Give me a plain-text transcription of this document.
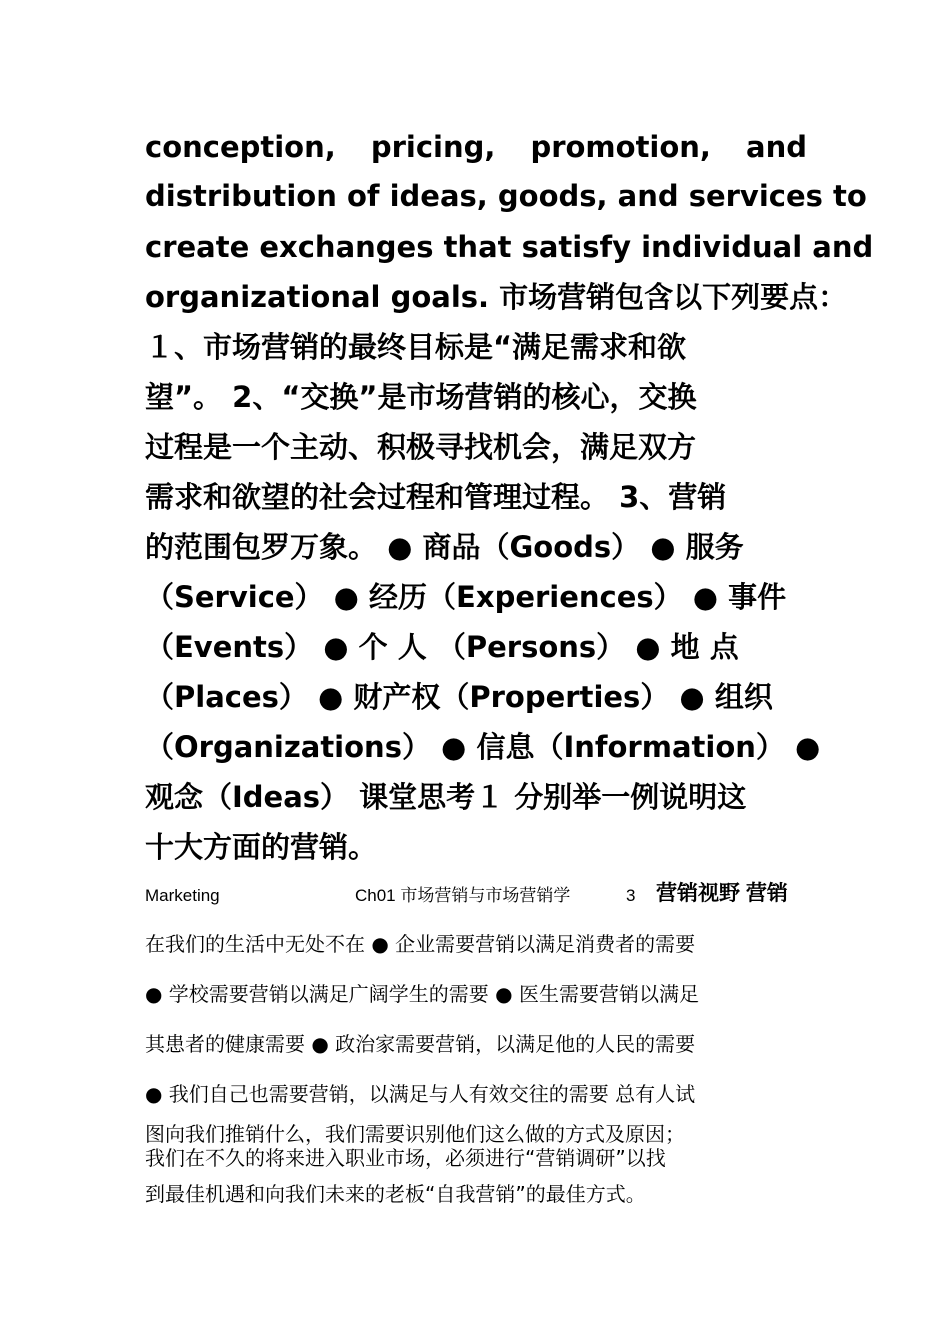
conception, pricing, promotion, and
distribution of ideas, goods, and services to
create exchanges that satisfy individual and
organizational goals. 市场营销包含以下列要点：
１、市场营销的最终目标是“满足需求和欲
望”。 2、“交换”是市场营销的核心，交换
过程是一个主动、积极寻找机会，满足双方
需求和欲望的社会过程和管理过程。 3、营销
的范围包罗万象。 ● 商品（Goods） ● 服务
（Service） ● 经历（Experiences） ● 事件
（Events） ● 个 人 （Persons） ● 地 点
（Places） ● 财产权（Properties） ● 组织
（Organizations） ● 信息（Information） ●
观念（Ideas） 课堂思考１ 分别举一例说明这
十大方面的营销。
Marketing	Ch01 市场营销与市场营销学	3 营销视野 营销
在我们的生活中无处不在 ● 企业需要营销以满足消费者的需要
● 学校需要营销以满足广阔学生的需要 ● 医生需要营销以满足
其患者的健康需要 ● 政治家需要营销，以满足他的人民的需要
● 我们自己也需要营销，以满足与人有效交往的需要 总有人试
图向我们推销什么，我们需要识别他们这么做的方式及原因；
我们在不久的将来进入职业市场，必须进行“营销调研”以找
到最佳机遇和向我们未来的老板“自我营销”的最佳方式。
